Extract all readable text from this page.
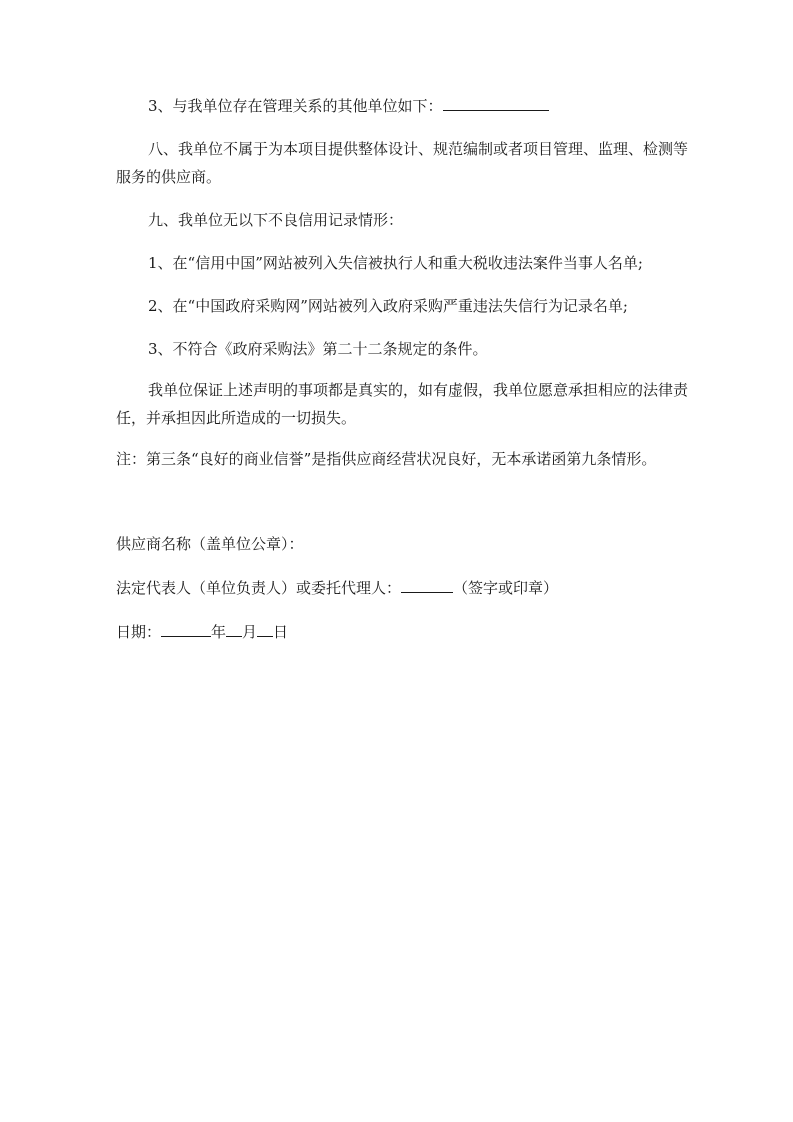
3、与我单位存在管理关系的其他单位如下：
八、我单位不属于为本项目提供整体设计、规范编制或者项目管理、监理、检测等
服务的供应商。
九、我单位无以下不良信用记录情形：
1、在“信用中国”网站被列入失信被执行人和重大税收违法案件当事人名单;
2、在“中国政府采购网”网站被列入政府采购严重违法失信行为记录名单;
3、不符合《政府采购法》第二十二条规定的条件。
我单位保证上述声明的事项都是真实的，如有虚假，我单位愿意承担相应的法律责
任，并承担因此所造成的一切损失。
注：第三条“良好的商业信誉”是指供应商经营状况良好，无本承诺函第九条情形。
供应商名称（盖单位公章）：
法定代表人（单位负责人）或委托代理人：	（签字或印章）
日期：	年 月 日
